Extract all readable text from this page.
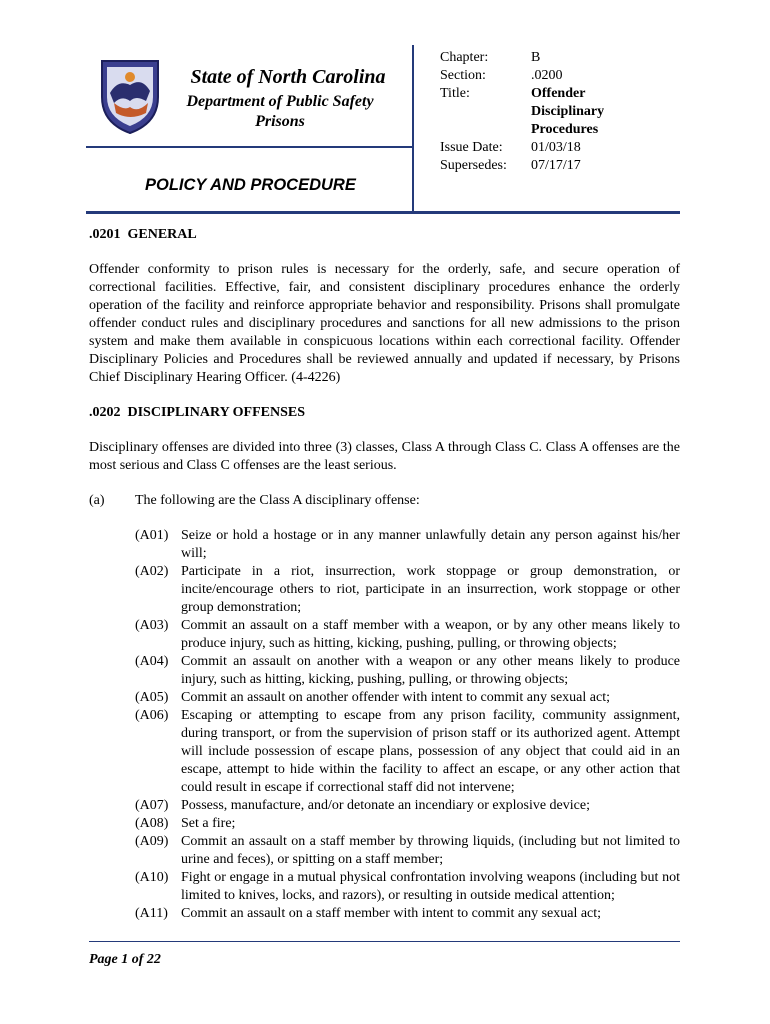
State of North Carolina
Department of Public Safety
Prisons
POLICY AND PROCEDURE
Chapter:	B
Section:	.0200
Title:	Offender
Disciplinary
Procedures
Issue Date:	01/03/18
Supersedes:	07/17/17

.0201  GENERAL

Offender conformity to prison rules is necessary for the orderly, safe, and secure operation of correctional facilities. Effective, fair, and consistent disciplinary procedures enhance the orderly operation of the facility and reinforce appropriate behavior and responsibility. Prisons shall promulgate offender conduct rules and disciplinary procedures and sanctions for all new admissions to the prison system and make them available in conspicuous locations within each correctional facility. Offender Disciplinary Policies and Procedures shall be reviewed annually and updated if necessary, by Prisons Chief Disciplinary Hearing Officer. (4-4226)

.0202  DISCIPLINARY OFFENSES

Disciplinary offenses are divided into three (3) classes, Class A through Class C. Class A offenses are the most serious and Class C offenses are the least serious.

(a)	The following are the Class A disciplinary offense:
(A01) Seize or hold a hostage or in any manner unlawfully detain any person against his/her will;
(A02) Participate in a riot, insurrection, work stoppage or group demonstration, or incite/encourage others to riot, participate in an insurrection, work stoppage or other group demonstration;
(A03) Commit an assault on a staff member with a weapon, or by any other means likely to produce injury, such as hitting, kicking, pushing, pulling, or throwing objects;
(A04) Commit an assault on another with a weapon or any other means likely to produce injury, such as hitting, kicking, pushing, pulling, or throwing objects;
(A05) Commit an assault on another offender with intent to commit any sexual act;
(A06) Escaping or attempting to escape from any prison facility, community assignment, during transport, or from the supervision of prison staff or its authorized agent. Attempt will include possession of escape plans, possession of any object that could aid in an escape, attempt to hide within the facility to affect an escape, or any other action that could result in escape if correctional staff did not intervene;
(A07) Possess, manufacture, and/or detonate an incendiary or explosive device;
(A08) Set a fire;
(A09) Commit an assault on a staff member by throwing liquids, (including but not limited to urine and feces), or spitting on a staff member;
(A10) Fight or engage in a mutual physical confrontation involving weapons (including but not limited to knives, locks, and razors), or resulting in outside medical attention;
(A11) Commit an assault on a staff member with intent to commit any sexual act;
Page 1 of 22
